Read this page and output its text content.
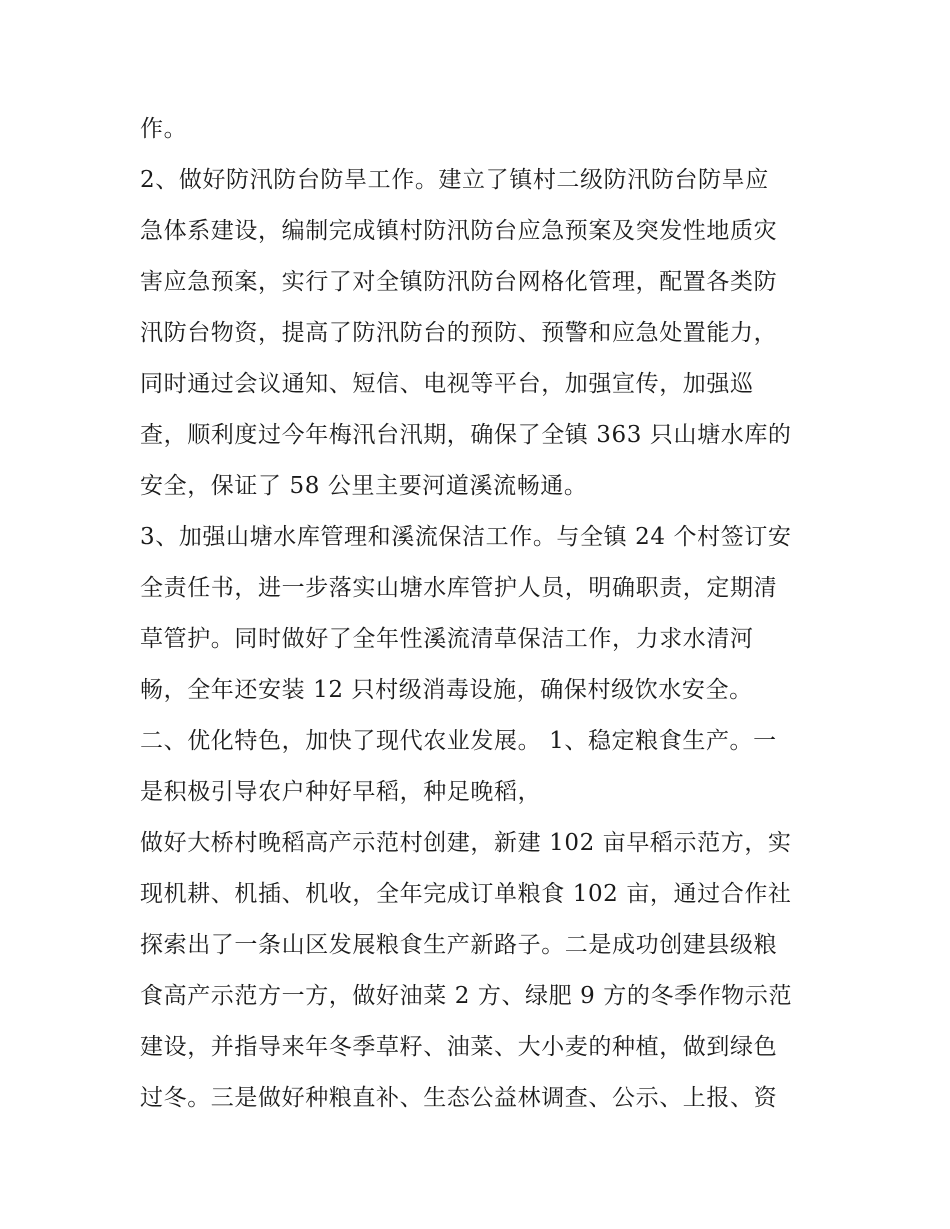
作。
2、做好防汛防台防旱工作。建立了镇村二级防汛防台防旱应
急体系建设，编制完成镇村防汛防台应急预案及突发性地质灾
害应急预案，实行了对全镇防汛防台网格化管理，配置各类防
汛防台物资，提高了防汛防台的预防、预警和应急处置能力，
同时通过会议通知、短信、电视等平台，加强宣传，加强巡
查，顺利度过今年梅汛台汛期，确保了全镇 363 只山塘水库的
安全，保证了 58 公里主要河道溪流畅通。
3、加强山塘水库管理和溪流保洁工作。与全镇 24 个村签订安
全责任书，进一步落实山塘水库管护人员，明确职责，定期清
草管护。同时做好了全年性溪流清草保洁工作，力求水清河
畅，全年还安装 12 只村级消毒设施，确保村级饮水安全。
二、优化特色，加快了现代农业发展。 1、稳定粮食生产。一
是积极引导农户种好早稻，种足晚稻，
做好大桥村晚稻高产示范村创建，新建 102 亩早稻示范方，实
现机耕、机插、机收，全年完成订单粮食 102 亩，通过合作社
探索出了一条山区发展粮食生产新路子。二是成功创建县级粮
食高产示范方一方，做好油菜 2 方、绿肥 9 方的冬季作物示范
建设，并指导来年冬季草籽、油菜、大小麦的种植，做到绿色
过冬。三是做好种粮直补、生态公益林调查、公示、上报、资
